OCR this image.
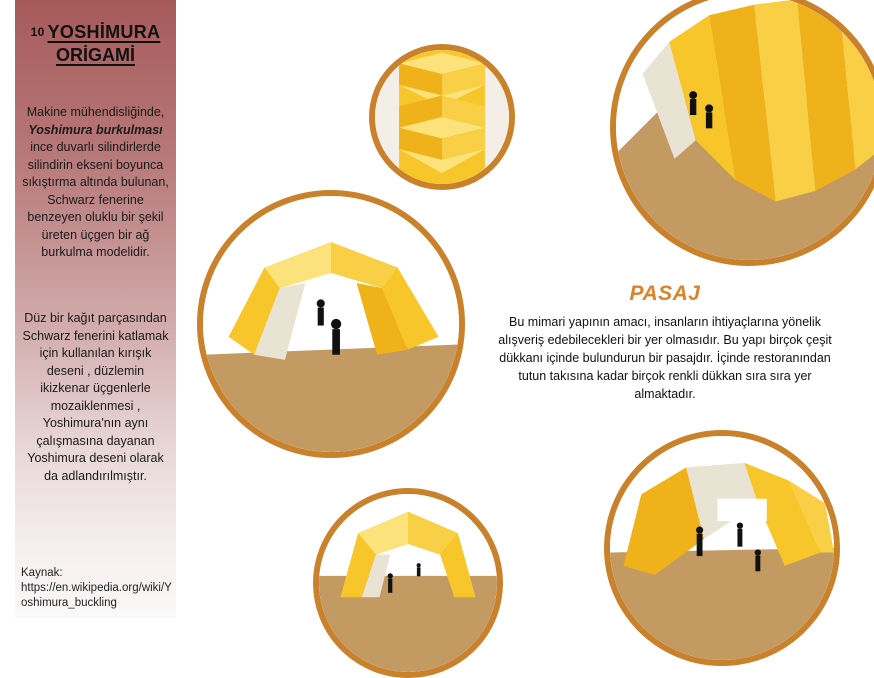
10 YOSHİMURA
ORİGAMİ
Makine mühendisliğinde,
Yoshimura burkulması ince duvarlı silindirlerde silindirin ekseni boyunca sıkıştırma altında bulunan, Schwarz fenerine benzeyen oluklu bir şekil üreten üçgen bir ağ burkulma modelidir.
Düz bir kağıt parçasından Schwarz fenerini katlamak için kullanılan kırışık deseni , düzlemin ikizkenar üçgenlerle mozaiklenmesi , Yoshimura'nın aynı çalışmasına dayanan Yoshimura deseni olarak da adlandırılmıştır.
Kaynak:
https://en.wikipedia.org/wiki/Yoshimura_buckling
PASAJ
Bu mimari yapının amacı, insanların ihtiyaçlarına yönelik alışveriş edebilecekleri bir yer olmasıdır. Bu yapı birçok çeşit dükkanı içinde bulundurun bir pasajdır. İçinde restoranından tutun takısına kadar birçok renkli dükkan sıra sıra yer almaktadır.
